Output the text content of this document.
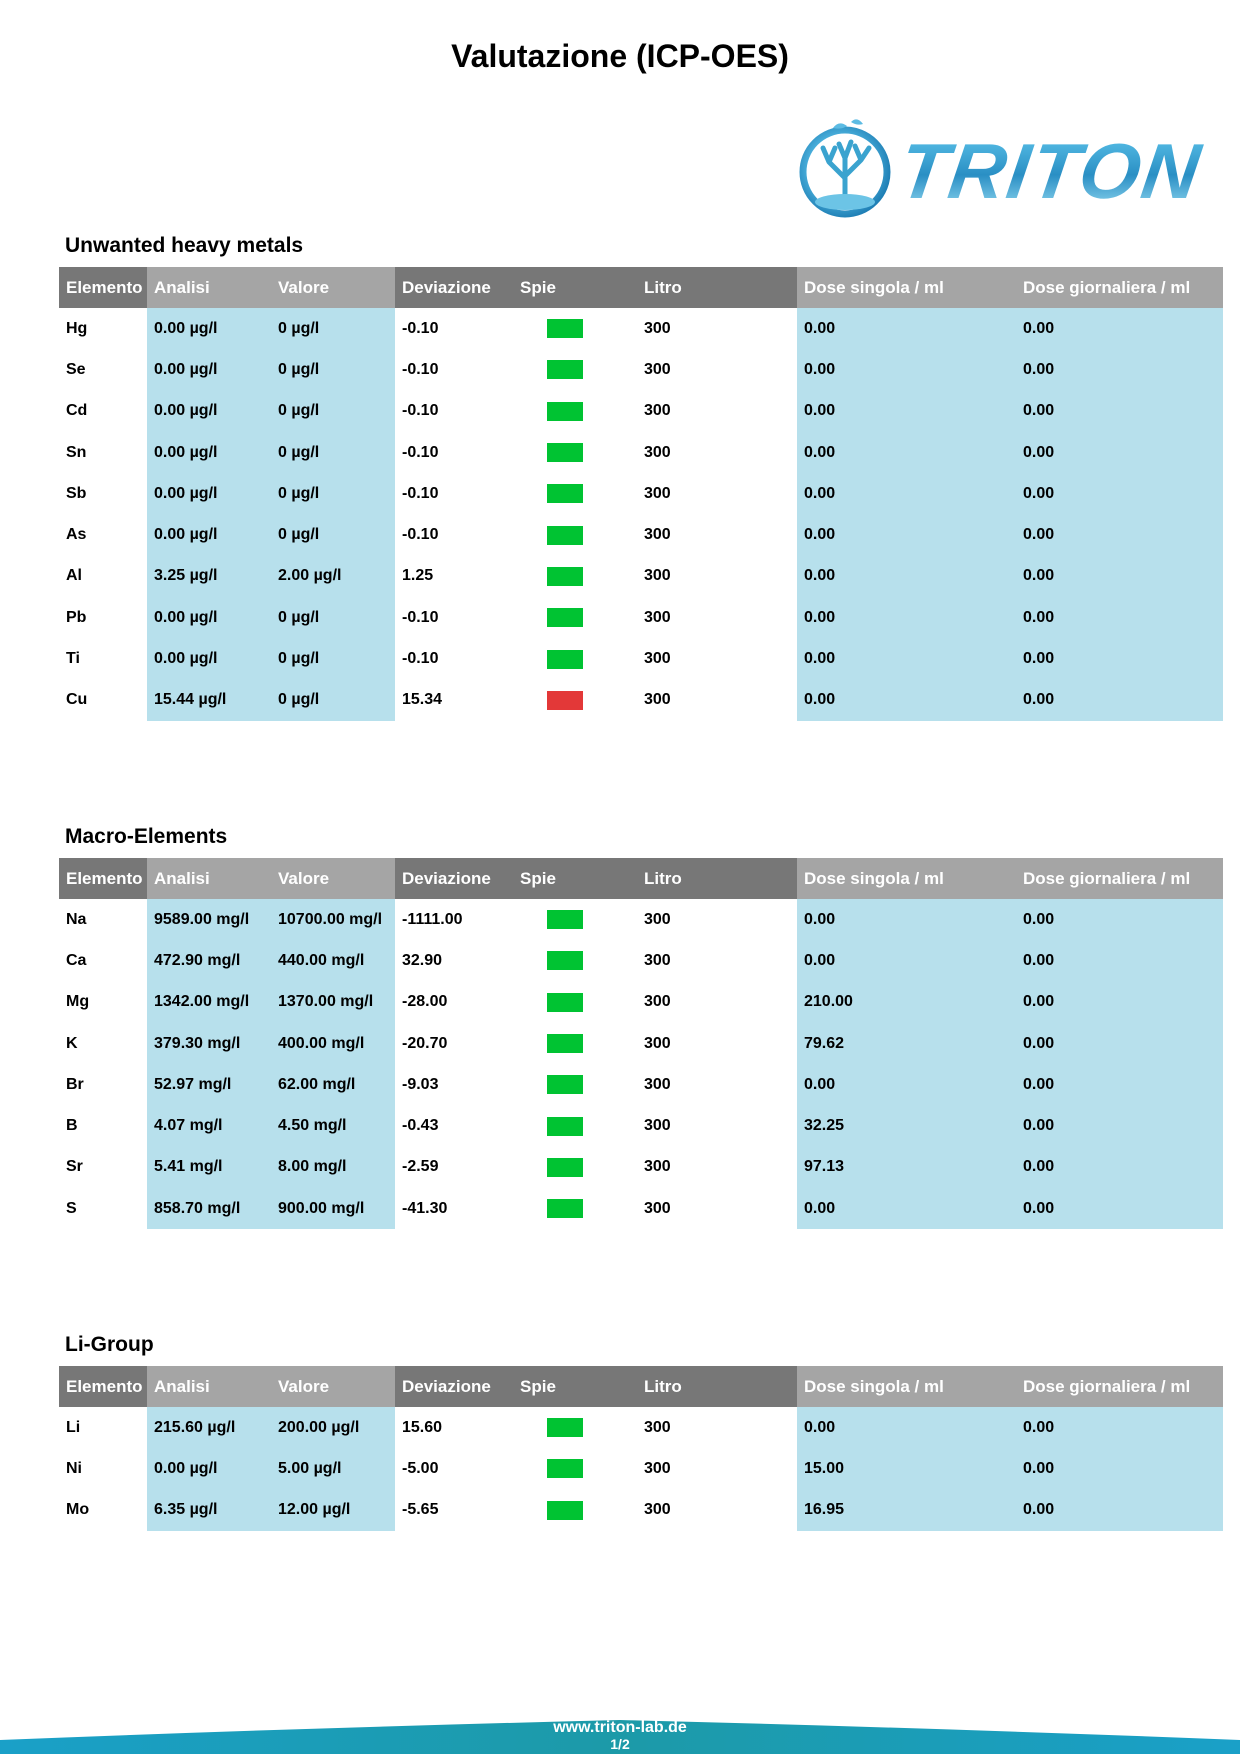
Valutazione (ICP-OES)
TRITON
Unwanted heavy metals
Elemento	Analisi	Valore	Deviazione	Spie	Litro	Dose singola / ml	Dose giornaliera / ml
Hg	0.00 µg/l	0 µg/l	-0.10		300	0.00	0.00
Se	0.00 µg/l	0 µg/l	-0.10		300	0.00	0.00
Cd	0.00 µg/l	0 µg/l	-0.10		300	0.00	0.00
Sn	0.00 µg/l	0 µg/l	-0.10		300	0.00	0.00
Sb	0.00 µg/l	0 µg/l	-0.10		300	0.00	0.00
As	0.00 µg/l	0 µg/l	-0.10		300	0.00	0.00
Al	3.25 µg/l	2.00 µg/l	1.25		300	0.00	0.00
Pb	0.00 µg/l	0 µg/l	-0.10		300	0.00	0.00
Ti	0.00 µg/l	0 µg/l	-0.10		300	0.00	0.00
Cu	15.44 µg/l	0 µg/l	15.34		300	0.00	0.00
Macro-Elements
Elemento	Analisi	Valore	Deviazione	Spie	Litro	Dose singola / ml	Dose giornaliera / ml
Na	9589.00 mg/l	10700.00 mg/l	-1111.00		300	0.00	0.00
Ca	472.90 mg/l	440.00 mg/l	32.90		300	0.00	0.00
Mg	1342.00 mg/l	1370.00 mg/l	-28.00		300	210.00	0.00
K	379.30 mg/l	400.00 mg/l	-20.70		300	79.62	0.00
Br	52.97 mg/l	62.00 mg/l	-9.03		300	0.00	0.00
B	4.07 mg/l	4.50 mg/l	-0.43		300	32.25	0.00
Sr	5.41 mg/l	8.00 mg/l	-2.59		300	97.13	0.00
S	858.70 mg/l	900.00 mg/l	-41.30		300	0.00	0.00
Li-Group
Elemento	Analisi	Valore	Deviazione	Spie	Litro	Dose singola / ml	Dose giornaliera / ml
Li	215.60 µg/l	200.00 µg/l	15.60		300	0.00	0.00
Ni	0.00 µg/l	5.00 µg/l	-5.00		300	15.00	0.00
Mo	6.35 µg/l	12.00 µg/l	-5.65		300	16.95	0.00
www.triton-lab.de
1/2
